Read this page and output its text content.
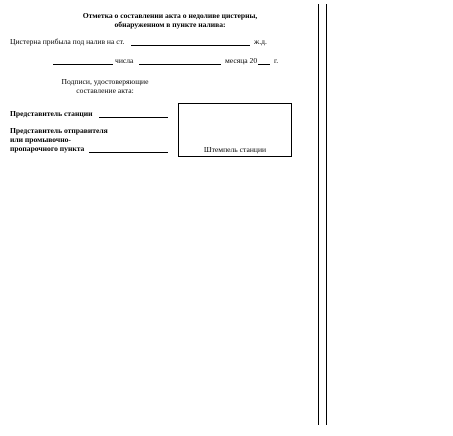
Отметка о составлении акта о недоливе цистерны,
обнаруженном в пункте налива:
Цистерна прибыла под налив на ст.	ж.д.
числа	месяца 20 г.
Подписи, удостоверяющие
составление акта:
Представитель станции
Представитель отправителя
или промывочно-
пропарочного пункта	Штемпель станции
